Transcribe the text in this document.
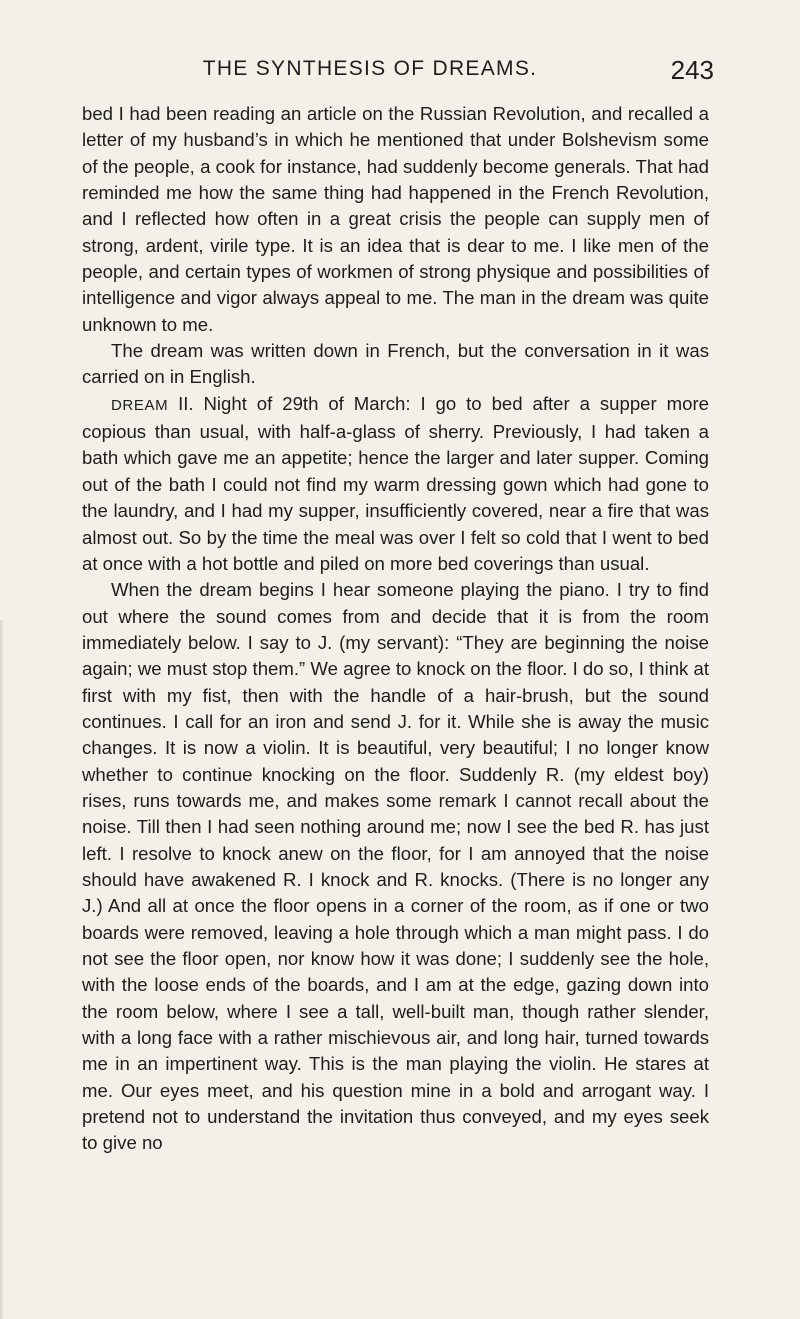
THE SYNTHESIS OF DREAMS.	243

bed I had been reading an article on the Russian Revolution, and recalled a letter of my husband’s in which he mentioned that under Bolshevism some of the people, a cook for instance, had suddenly become generals. That had reminded me how the same thing had happened in the French Revolution, and I reflected how often in a great crisis the people can supply men of strong, ardent, virile type. It is an idea that is dear to me. I like men of the people, and certain types of workmen of strong physique and possibilities of intelligence and vigor always appeal to me. The man in the dream was quite unknown to me.

The dream was written down in French, but the conversation in it was carried on in English.

DREAM II. Night of 29th of March: I go to bed after a supper more copious than usual, with half-a-glass of sherry. Previously, I had taken a bath which gave me an appetite; hence the larger and later supper. Coming out of the bath I could not find my warm dressing gown which had gone to the laundry, and I had my supper, insufficiently covered, near a fire that was almost out. So by the time the meal was over I felt so cold that I went to bed at once with a hot bottle and piled on more bed coverings than usual.

When the dream begins I hear someone playing the piano. I try to find out where the sound comes from and decide that it is from the room immediately below. I say to J. (my servant): “They are beginning the noise again; we must stop them.” We agree to knock on the floor. I do so, I think at first with my fist, then with the handle of a hair-brush, but the sound continues. I call for an iron and send J. for it. While she is away the music changes. It is now a violin. It is beautiful, very beautiful; I no longer know whether to continue knocking on the floor. Suddenly R. (my eldest boy) rises, runs towards me, and makes some remark I cannot recall about the noise. Till then I had seen nothing around me; now I see the bed R. has just left. I resolve to knock anew on the floor, for I am annoyed that the noise should have awakened R. I knock and R. knocks. (There is no longer any J.) And all at once the floor opens in a corner of the room, as if one or two boards were removed, leaving a hole through which a man might pass. I do not see the floor open, nor know how it was done; I suddenly see the hole, with the loose ends of the boards, and I am at the edge, gazing down into the room below, where I see a tall, well-built man, though rather slender, with a long face with a rather mischievous air, and long hair, turned towards me in an impertinent way. This is the man playing the violin. He stares at me. Our eyes meet, and his question mine in a bold and arrogant way. I pretend not to understand the invitation thus conveyed, and my eyes seek to give no
